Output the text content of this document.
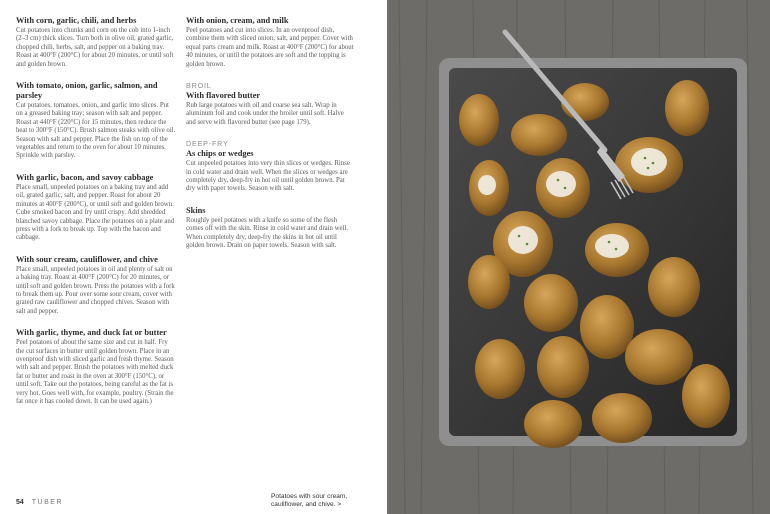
With corn, garlic, chili, and herbs

Cut potatoes into chunks and corn on the cob into 1-inch (2–3 cm) thick slices. Turn both in olive oil, grated garlic, chopped chili, herbs, salt, and pepper on a baking tray. Roast at 400°F (200°C) for about 20 minutes, or until soft and golden brown.

With tomato, onion, garlic, salmon, and parsley

Cut potatoes, tomatoes, onion, and garlic into slices. Put on a greased baking tray; season with salt and pepper. Roast at 440°F (220°C) for 15 minutes, then reduce the heat to 300°F (150°C). Brush salmon steaks with olive oil. Season with salt and pepper. Place the fish on top of the vegetables and return to the oven for about 10 minutes. Sprinkle with parsley.

With garlic, bacon, and savoy cabbage

Place small, unpeeled potatoes on a baking tray and add oil, grated garlic, salt, and pepper. Roast for about 20 minutes at 400°F (200°C), or until soft and golden brown. Cube smoked bacon and fry until crispy. Add shredded blanched savoy cabbage. Place the potatoes on a plate and press with a fork to break up. Top with the bacon and cabbage.

With sour cream, cauliflower, and chive

Place small, unpeeled potatoes in oil and plenty of salt on a baking tray. Roast at 400°F (200°C) for 20 minutes, or until soft and golden brown. Press the potatoes with a fork to break them up. Pour over some sour cream, cover with grated raw cauliflower and chopped chives. Season with salt and pepper.

With garlic, thyme, and duck fat or butter

Peel potatoes of about the same size and cut in half. Fry the cut surfaces in butter until golden brown. Place in an ovenproof dish with sliced garlic and fresh thyme. Season with salt and pepper. Brush the potatoes with melted duck fat or butter and roast in the oven at 300°F (150°C), or until soft. Take out the potatoes, being careful as the fat is very hot. Goes well with, for example, poultry. (Strain the fat once it has cooled down. It can be used again.)

With onion, cream, and milk

Peel potatoes and cut into slices. In an ovenproof dish, combine them with sliced onion, salt, and pepper. Cover with equal parts cream and milk. Roast at 400°F (200°C) for about 40 minutes, or until the potatoes are soft and the topping is golden brown.

BROIL

With flavored butter

Rub large potatoes with oil and coarse sea salt. Wrap in aluminum foil and cook under the broiler until soft. Halve and serve with flavored butter (see page 179).

DEEP-FRY

As chips or wedges

Cut unpeeled potatoes into very thin slices or wedges. Rinse in cold water and drain well. When the slices or wedges are completely dry, deep-fry in hot oil until golden brown. Pat dry with paper towels. Season with salt.

Skins

Roughly peel potatoes with a knife so some of the flesh comes off with the skin. Rinse in cold water and drain well. When completely dry, deep-fry the skins in hot oil until golden brown. Drain on paper towels. Season with salt.

54 TUBER
Potatoes with sour cream, cauliflower, and chive. >
